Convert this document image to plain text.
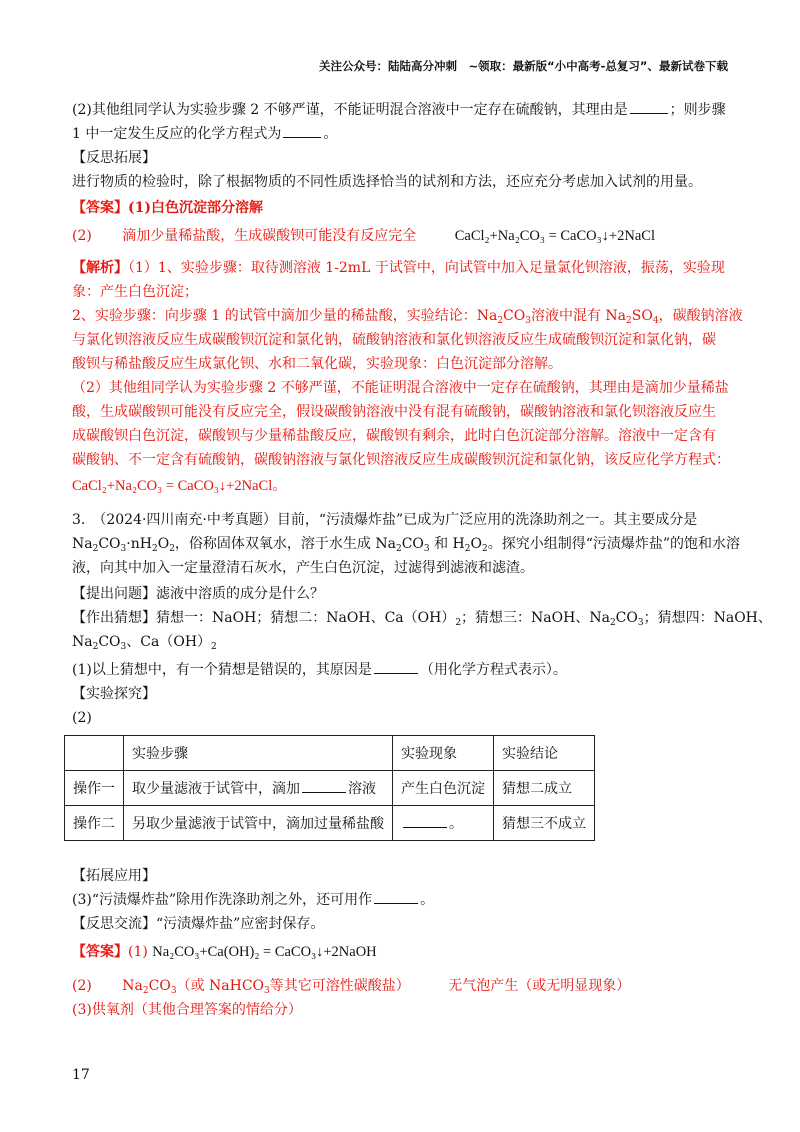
关注公众号：陆陆高分冲刺　~领取：最新版“小中高考-总复习”、最新试卷下载
(2)其他组同学认为实验步骤 2 不够严谨，不能证明混合溶液中一定存在硫酸钠，其理由是	；则步骤
1 中一定发生反应的化学方程式为	。
【反思拓展】
进行物质的检验时，除了根据物质的不同性质选择恰当的试剂和方法，还应充分考虑加入试剂的用量。
【答案】(1)白色沉淀部分溶解
(2) 滴加少量稀盐酸，生成碳酸钡可能没有反应完全	CaCl₂+Na₂CO₃ = CaCO₃↓+2NaCl
【解析】（1）1、实验步骤：取待测溶液 1-2mL 于试管中，向试管中加入足量氯化钡溶液，振荡，实验现
象：产生白色沉淀；
2、实验步骤：向步骤 1 的试管中滴加少量的稀盐酸，实验结论：$Na_2CO_3$溶液中混有 $Na_2SO_4$，碳酸钠溶液
与氯化钡溶液反应生成碳酸钡沉淀和氯化钠，硫酸钠溶液和氯化钡溶液反应生成硫酸钡沉淀和氯化钠，碳
酸钡与稀盐酸反应生成氯化钡、水和二氧化碳，实验现象：白色沉淀部分溶解。
（2）其他组同学认为实验步骤 2 不够严谨，不能证明混合溶液中一定存在硫酸钠，其理由是滴加少量稀盐
酸，生成碳酸钡可能没有反应完全，假设碳酸钠溶液中没有混有硫酸钠，碳酸钠溶液和氯化钡溶液反应生
成碳酸钡白色沉淀，碳酸钡与少量稀盐酸反应，碳酸钡有剩余，此时白色沉淀部分溶解。溶液中一定含有
碳酸钠、不一定含有硫酸钠，碳酸钠溶液与氯化钡溶液反应生成碳酸钡沉淀和氯化钠，该反应化学方程式：
CaCl₂+Na₂CO₃ = CaCO₃↓+2NaCl。
3.　（2024·四川南充·中考真题）目前，“污渍爆炸盐”已成为广泛应用的洗涤助剂之一。其主要成分是
$Na_2CO_3\cdot nH_2O_2$，俗称固体双氧水，溶于水生成 $Na_2CO_3$ 和 $H_2O_2$。探究小组制得“污渍爆炸盐”的饱和水溶
液，向其中加入一定量澄清石灰水，产生白色沉淀，过滤得到滤液和滤渣。
【提出问题】滤液中溶质的成分是什么？
【作出猜想】猜想一：NaOH；猜想二：NaOH、$Ca(OH)_2$；猜想三：NaOH、$Na_2CO_3$；猜想四：NaOH、
$Na_2CO_3$、$Ca(OH)_2$
(1)以上猜想中，有一个猜想是错误的，其原因是	（用化学方程式表示）。
【实验探究】
(2)
	实验步骤	实验现象	实验结论
操作一	取少量滤液于试管中，滴加 溶液	产生白色沉淀	猜想二成立
操作二	另取少量滤液于试管中，滴加过量稀盐酸	。	猜想三不成立
【拓展应用】
(3)“污渍爆炸盐”除用作洗涤助剂之外，还可用作	。
【反思交流】“污渍爆炸盐”应密封保存。
【答案】(1) Na₂CO₃+Ca(OH)₂ = CaCO₃↓+2NaOH
(2) $Na_2CO_3$（或 NaHCO$_3$等其它可溶性碳酸盐）	无气泡产生（或无明显现象）
(3)供氧剂（其他合理答案的情给分）
17
